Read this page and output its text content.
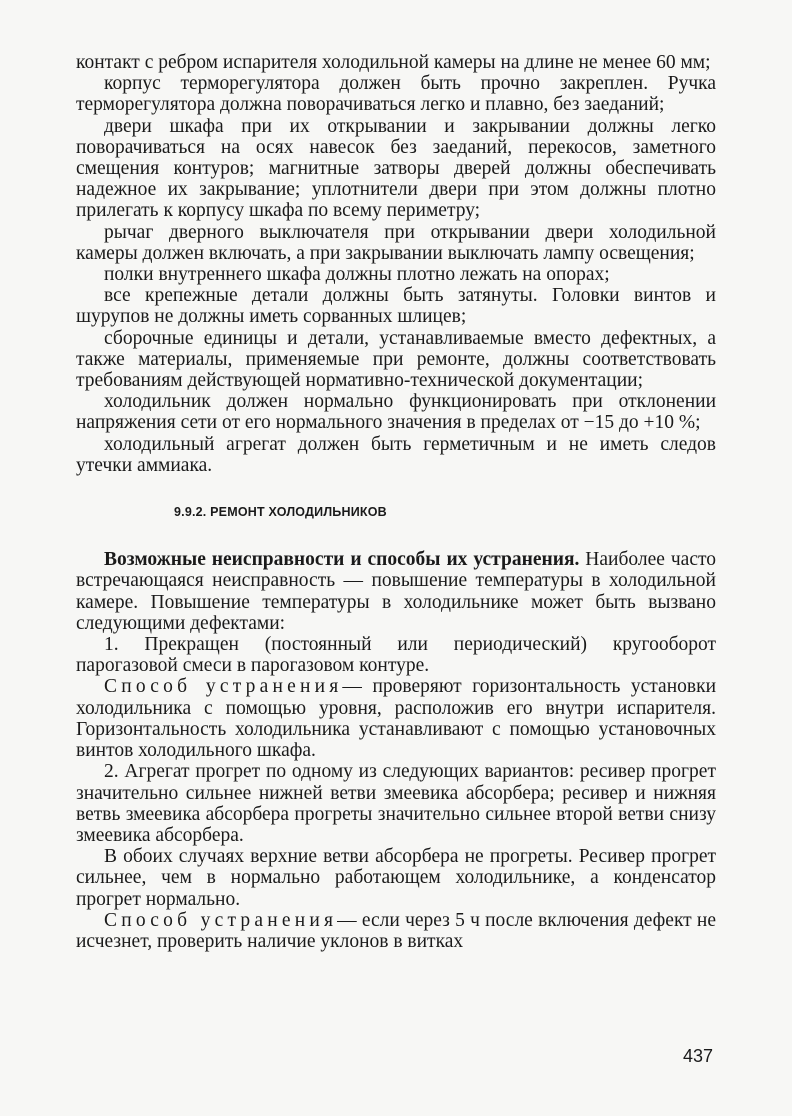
контакт с ребром испарителя холодильной камеры на длине не менее 60 мм;

корпус терморегулятора должен быть прочно закреплен. Ручка терморегулятора должна поворачиваться легко и плавно, без заеданий;

двери шкафа при их открывании и закрывании должны легко поворачиваться на осях навесок без заеданий, перекосов, заметного смещения контуров; магнитные затворы дверей должны обеспечивать надежное их закрывание; уплотнители двери при этом должны плотно прилегать к корпусу шкафа по всему периметру;

рычаг дверного выключателя при открывании двери холодильной камеры должен включать, а при закрывании выключать лампу освещения;

полки внутреннего шкафа должны плотно лежать на опорах;

все крепежные детали должны быть затянуты. Головки винтов и шурупов не должны иметь сорванных шлицев;

сборочные единицы и детали, устанавливаемые вместо дефектных, а также материалы, применяемые при ремонте, должны соответствовать требованиям действующей нормативно-технической документации;

холодильник должен нормально функционировать при отклонении напряжения сети от его нормального значения в пределах от −15 до +10 %;

холодильный агрегат должен быть герметичным и не иметь следов утечки аммиака.

9.9.2. РЕМОНТ ХОЛОДИЛЬНИКОВ

Возможные неисправности и способы их устранения. Наиболее часто встречающаяся неисправность — повышение температуры в холодильной камере. Повышение температуры в холодильнике может быть вызвано следующими дефектами:

1. Прекращен (постоянный или периодический) кругооборот парогазовой смеси в парогазовом контуре.

Способ устранения— проверяют горизонтальность установки холодильника с помощью уровня, расположив его внутри испарителя. Горизонтальность холодильника устанавливают с помощью установочных винтов холодильного шкафа.

2. Агрегат прогрет по одному из следующих вариантов: ресивер прогрет значительно сильнее нижней ветви змеевика абсорбера; ресивер и нижняя ветвь змеевика абсорбера прогреты значительно сильнее второй ветви снизу змеевика абсорбера.

В обоих случаях верхние ветви абсорбера не прогреты. Ресивер прогрет сильнее, чем в нормально работающем холодильнике, а конденсатор прогрет нормально.

Способ устранения— если через 5 ч после включения дефект не исчезнет, проверить наличие уклонов в витках

437
